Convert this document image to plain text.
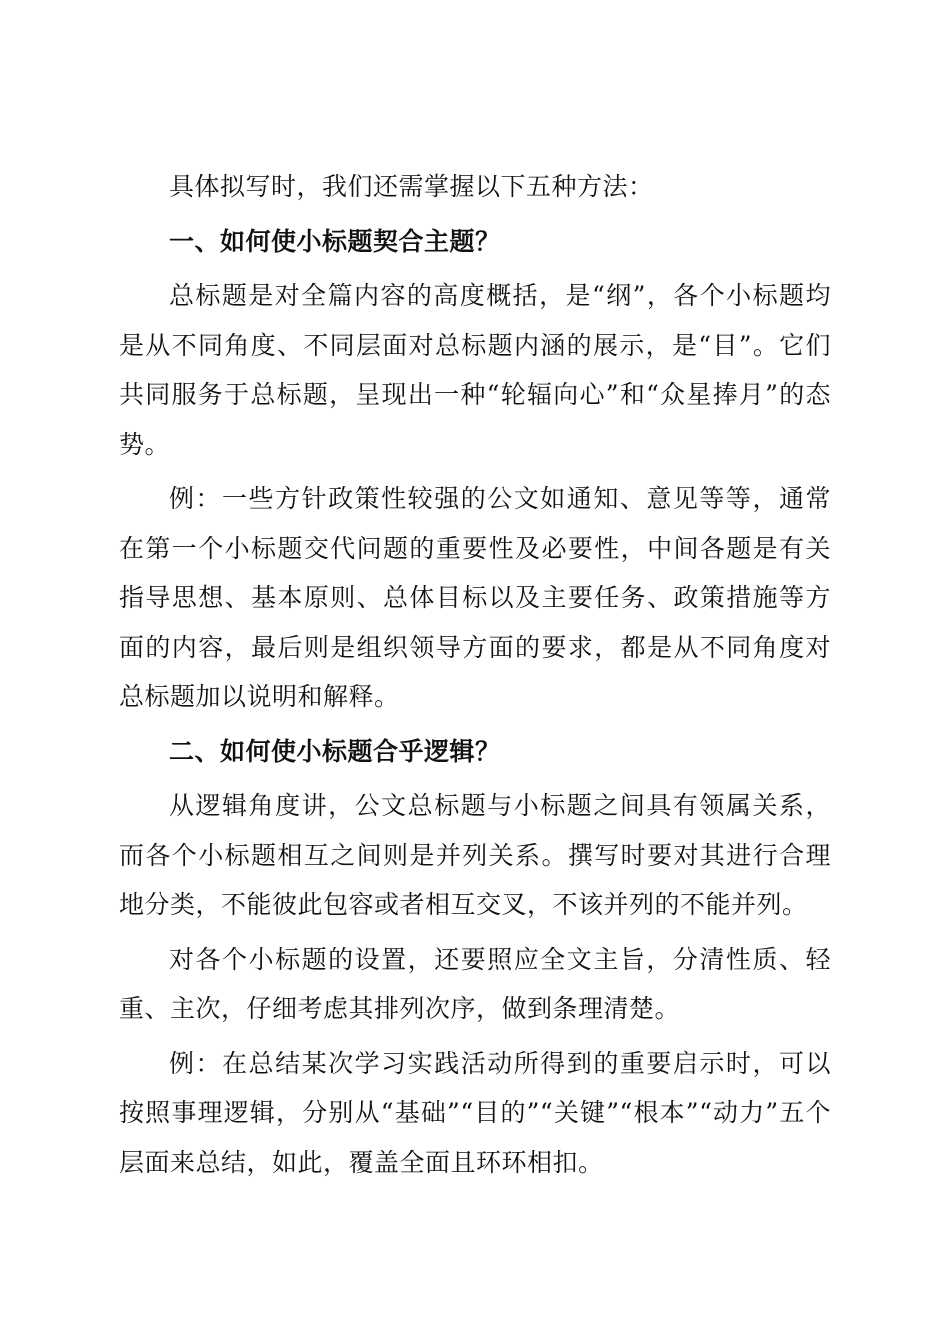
具体拟写时，我们还需掌握以下五种方法：

一、如何使小标题契合主题？

总标题是对全篇内容的高度概括，是“纲”，各个小标题均是从不同角度、不同层面对总标题内涵的展示，是“目”。它们共同服务于总标题，呈现出一种“轮辐向心”和“众星捧月”的态势。

例：一些方针政策性较强的公文如通知、意见等等，通常在第一个小标题交代问题的重要性及必要性，中间各题是有关指导思想、基本原则、总体目标以及主要任务、政策措施等方面的内容，最后则是组织领导方面的要求，都是从不同角度对总标题加以说明和解释。

二、如何使小标题合乎逻辑？

从逻辑角度讲，公文总标题与小标题之间具有领属关系，而各个小标题相互之间则是并列关系。撰写时要对其进行合理地分类，不能彼此包容或者相互交叉，不该并列的不能并列。

对各个小标题的设置，还要照应全文主旨，分清性质、轻重、主次，仔细考虑其排列次序，做到条理清楚。

例：在总结某次学习实践活动所得到的重要启示时，可以按照事理逻辑，分别从“基础”“目的”“关键”“根本”“动力”五个层面来总结，如此，覆盖全面且环环相扣。
